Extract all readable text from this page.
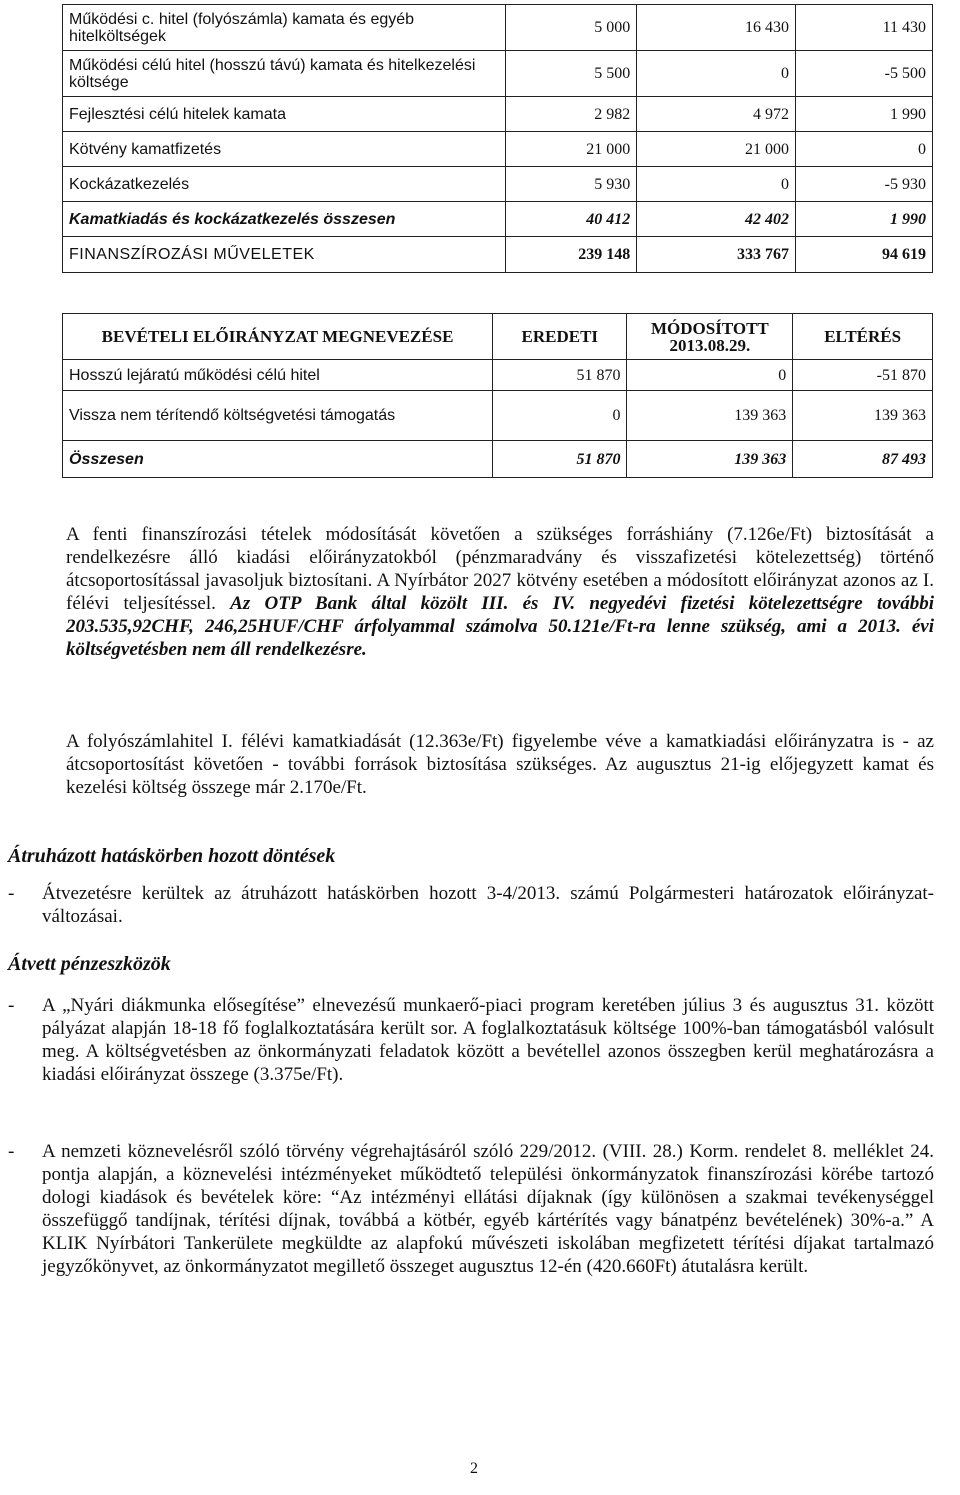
Működési c. hitel (folyószámla) kamata és egyéb hitelköltségek	5 000	16 430	11 430
Működési célú hitel (hosszú távú) kamata és hitelkezelési költsége	5 500	0	-5 500
Fejlesztési célú hitelek kamata	2 982	4 972	1 990
Kötvény kamatfizetés	21 000	21 000	0
Kockázatkezelés	5 930	0	-5 930
Kamatkiadás és kockázatkezelés összesen	40 412	42 402	1 990
FINANSZÍROZÁSI MŰVELETEK	239 148	333 767	94 619
BEVÉTELI ELŐIRÁNYZAT MEGNEVEZÉSE	EREDETI	MÓDOSÍTOTT 2013.08.29.	ELTÉRÉS
Hosszú lejáratú működési célú hitel	51 870	0	-51 870
Vissza nem térítendő költségvetési támogatás	0	139 363	139 363
Összesen	51 870	139 363	87 493
A fenti finanszírozási tételek módosítását követően a szükséges forráshiány (7.126e/Ft) biztosítását a rendelkezésre álló kiadási előirányzatokból (pénzmaradvány és visszafizetési kötelezettség) történő átcsoportosítással javasoljuk biztosítani. A Nyírbátor 2027 kötvény esetében a módosított előirányzat azonos az I. félévi teljesítéssel. Az OTP Bank által közölt III. és IV. negyedévi fizetési kötelezettségre további 203.535,92CHF, 246,25HUF/CHF árfolyammal számolva 50.121e/Ft-ra lenne szükség, ami a 2013. évi költségvetésben nem áll rendelkezésre.
A folyószámlahitel I. félévi kamatkiadását (12.363e/Ft) figyelembe véve a kamatkiadási előirányzatra is - az átcsoportosítást követően - további források biztosítása szükséges. Az augusztus 21-ig előjegyzett kamat és kezelési költség összege már 2.170e/Ft.
Átruházott hatáskörben hozott döntések
- Átvezetésre kerültek az átruházott hatáskörben hozott 3-4/2013. számú Polgármesteri határozatok előirányzat-változásai.
Átvett pénzeszközök
- A „Nyári diákmunka elősegítése” elnevezésű munkaerő-piaci program keretében július 3 és augusztus 31. között pályázat alapján 18-18 fő foglalkoztatására került sor. A foglalkoztatásuk költsége 100%-ban támogatásból valósult meg. A költségvetésben az önkormányzati feladatok között a bevétellel azonos összegben kerül meghatározásra a kiadási előirányzat összege (3.375e/Ft).
- A nemzeti köznevelésről szóló törvény végrehajtásáról szóló 229/2012. (VIII. 28.) Korm. rendelet 8. melléklet 24. pontja alapján, a köznevelési intézményeket működtető települési önkormányzatok finanszírozási körébe tartozó dologi kiadások és bevételek köre: “Az intézményi ellátási díjaknak (így különösen a szakmai tevékenységgel összefüggő tandíjnak, térítési díjnak, továbbá a kötbér, egyéb kártérítés vagy bánatpénz bevételének) 30%-a.” A KLIK Nyírbátori Tankerülete megküldte az alapfokú művészeti iskolában megfizetett térítési díjakat tartalmazó jegyzőkönyvet, az önkormányzatot megillető összeget augusztus 12-én (420.660Ft) átutalásra került.
2
